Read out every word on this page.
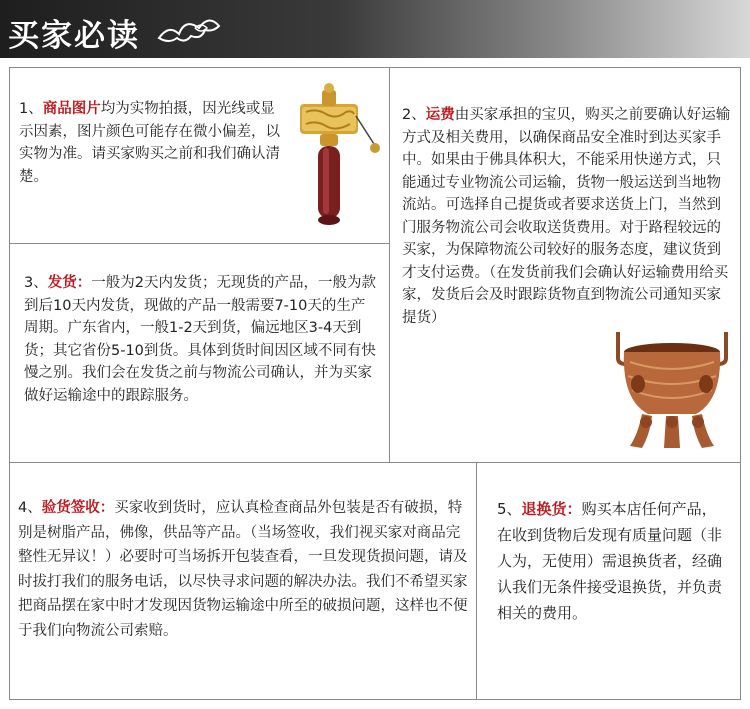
买家必读
1、商品图片均为实物拍摄，因光线或显示因素，图片颜色可能存在微小偏差，以实物为准。请买家购买之前和我们确认清楚。
2、运费由买家承担的宝贝，购买之前要确认好运输方式及相关费用，以确保商品安全准时到达买家手中。如果由于佛具体积大，不能采用快递方式，只能通过专业物流公司运输，货物一般运送到当地物流站。可选择自己提货或者要求送货上门，当然到门服务物流公司会收取送货费用。对于路程较远的买家，为保障物流公司较好的服务态度，建议货到才支付运费。（在发货前我们会确认好运输费用给买家，发货后会及时跟踪货物直到物流公司通知买家提货）
3、发货：一般为2天内发货；无现货的产品，一般为款到后10天内发货，现做的产品一般需要7-10天的生产周期。广东省内，一般1-2天到货，偏远地区3-4天到货；其它省份5-10到货。具体到货时间因区域不同有快慢之别。我们会在发货之前与物流公司确认，并为买家做好运输途中的跟踪服务。
4、验货签收：买家收到货时，应认真检查商品外包装是否有破损，特别是树脂产品，佛像，供品等产品。（当场签收，我们视买家对商品完整性无异议！）必要时可当场拆开包装查看，一旦发现货损问题，请及时拔打我们的服务电话，以尽快寻求问题的解决办法。我们不希望买家把商品摆在家中时才发现因货物运输途中所至的破损问题，这样也不便于我们向物流公司索赔。
5、退换货：购买本店任何产品，在收到货物后发现有质量问题（非人为，无使用）需退换货者，经确认我们无条件接受退换货，并负责相关的费用。
